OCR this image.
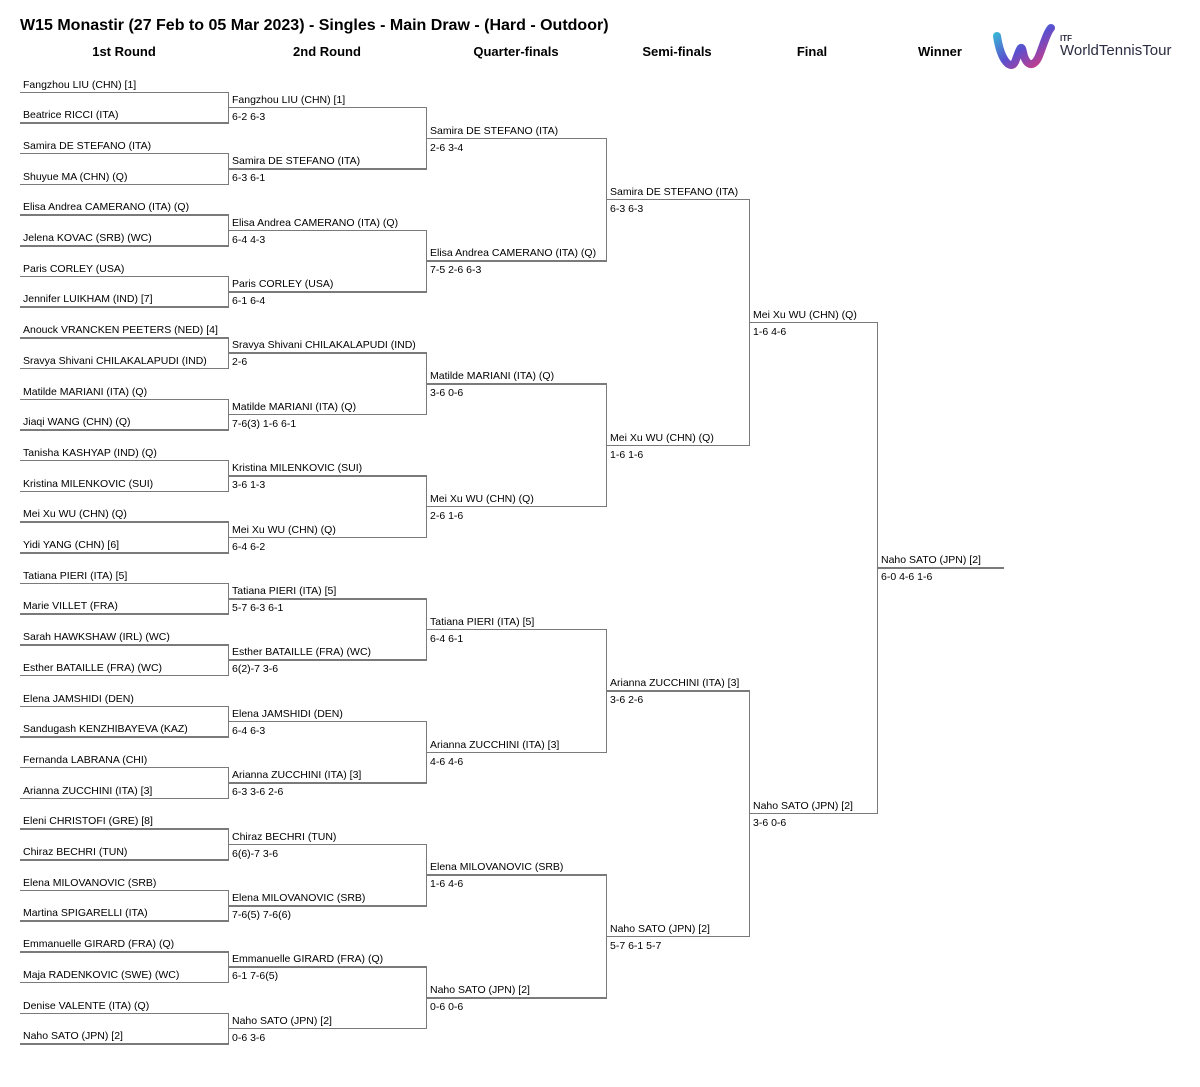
W15 Monastir (27 Feb to 05 Mar 2023) - Singles - Main Draw - (Hard - Outdoor)
1st Round	2nd Round	Quarter-finals	Semi-finals	Final	Winner
ITF
WorldTennisTour
Fangzhou LIU (CHN) [1]
Beatrice RICCI (ITA)
Samira DE STEFANO (ITA)
Shuyue MA (CHN) (Q)
Elisa Andrea CAMERANO (ITA) (Q)
Jelena KOVAC (SRB) (WC)
Paris CORLEY (USA)
Jennifer LUIKHAM (IND) [7]
Anouck VRANCKEN PEETERS (NED) [4]
Sravya Shivani CHILAKALAPUDI (IND)
Matilde MARIANI (ITA) (Q)
Jiaqi WANG (CHN) (Q)
Tanisha KASHYAP (IND) (Q)
Kristina MILENKOVIC (SUI)
Mei Xu WU (CHN) (Q)
Yidi YANG (CHN) [6]
Tatiana PIERI (ITA) [5]
Marie VILLET (FRA)
Sarah HAWKSHAW (IRL) (WC)
Esther BATAILLE (FRA) (WC)
Elena JAMSHIDI (DEN)
Sandugash KENZHIBAYEVA (KAZ)
Fernanda LABRANA (CHI)
Arianna ZUCCHINI (ITA) [3]
Eleni CHRISTOFI (GRE) [8]
Chiraz BECHRI (TUN)
Elena MILOVANOVIC (SRB)
Martina SPIGARELLI (ITA)
Emmanuelle GIRARD (FRA) (Q)
Maja RADENKOVIC (SWE) (WC)
Denise VALENTE (ITA) (Q)
Naho SATO (JPN) [2]
Fangzhou LIU (CHN) [1]
6-2 6-3
Samira DE STEFANO (ITA)
6-3 6-1
Elisa Andrea CAMERANO (ITA) (Q)
6-4 4-3
Paris CORLEY (USA)
6-1 6-4
Sravya Shivani CHILAKALAPUDI (IND)
2-6
Matilde MARIANI (ITA) (Q)
7-6(3) 1-6 6-1
Kristina MILENKOVIC (SUI)
3-6 1-3
Mei Xu WU (CHN) (Q)
6-4 6-2
Tatiana PIERI (ITA) [5]
5-7 6-3 6-1
Esther BATAILLE (FRA) (WC)
6(2)-7 3-6
Elena JAMSHIDI (DEN)
6-4 6-3
Arianna ZUCCHINI (ITA) [3]
6-3 3-6 2-6
Chiraz BECHRI (TUN)
6(6)-7 3-6
Elena MILOVANOVIC (SRB)
7-6(5) 7-6(6)
Emmanuelle GIRARD (FRA) (Q)
6-1 7-6(5)
Naho SATO (JPN) [2]
0-6 3-6
Samira DE STEFANO (ITA)
2-6 3-4
Elisa Andrea CAMERANO (ITA) (Q)
7-5 2-6 6-3
Matilde MARIANI (ITA) (Q)
3-6 0-6
Mei Xu WU (CHN) (Q)
2-6 1-6
Tatiana PIERI (ITA) [5]
6-4 6-1
Arianna ZUCCHINI (ITA) [3]
4-6 4-6
Elena MILOVANOVIC (SRB)
1-6 4-6
Naho SATO (JPN) [2]
0-6 0-6
Samira DE STEFANO (ITA)
6-3 6-3
Mei Xu WU (CHN) (Q)
1-6 1-6
Arianna ZUCCHINI (ITA) [3]
3-6 2-6
Naho SATO (JPN) [2]
5-7 6-1 5-7
Mei Xu WU (CHN) (Q)
1-6 4-6
Naho SATO (JPN) [2]
3-6 0-6
Naho SATO (JPN) [2]
6-0 4-6 1-6
